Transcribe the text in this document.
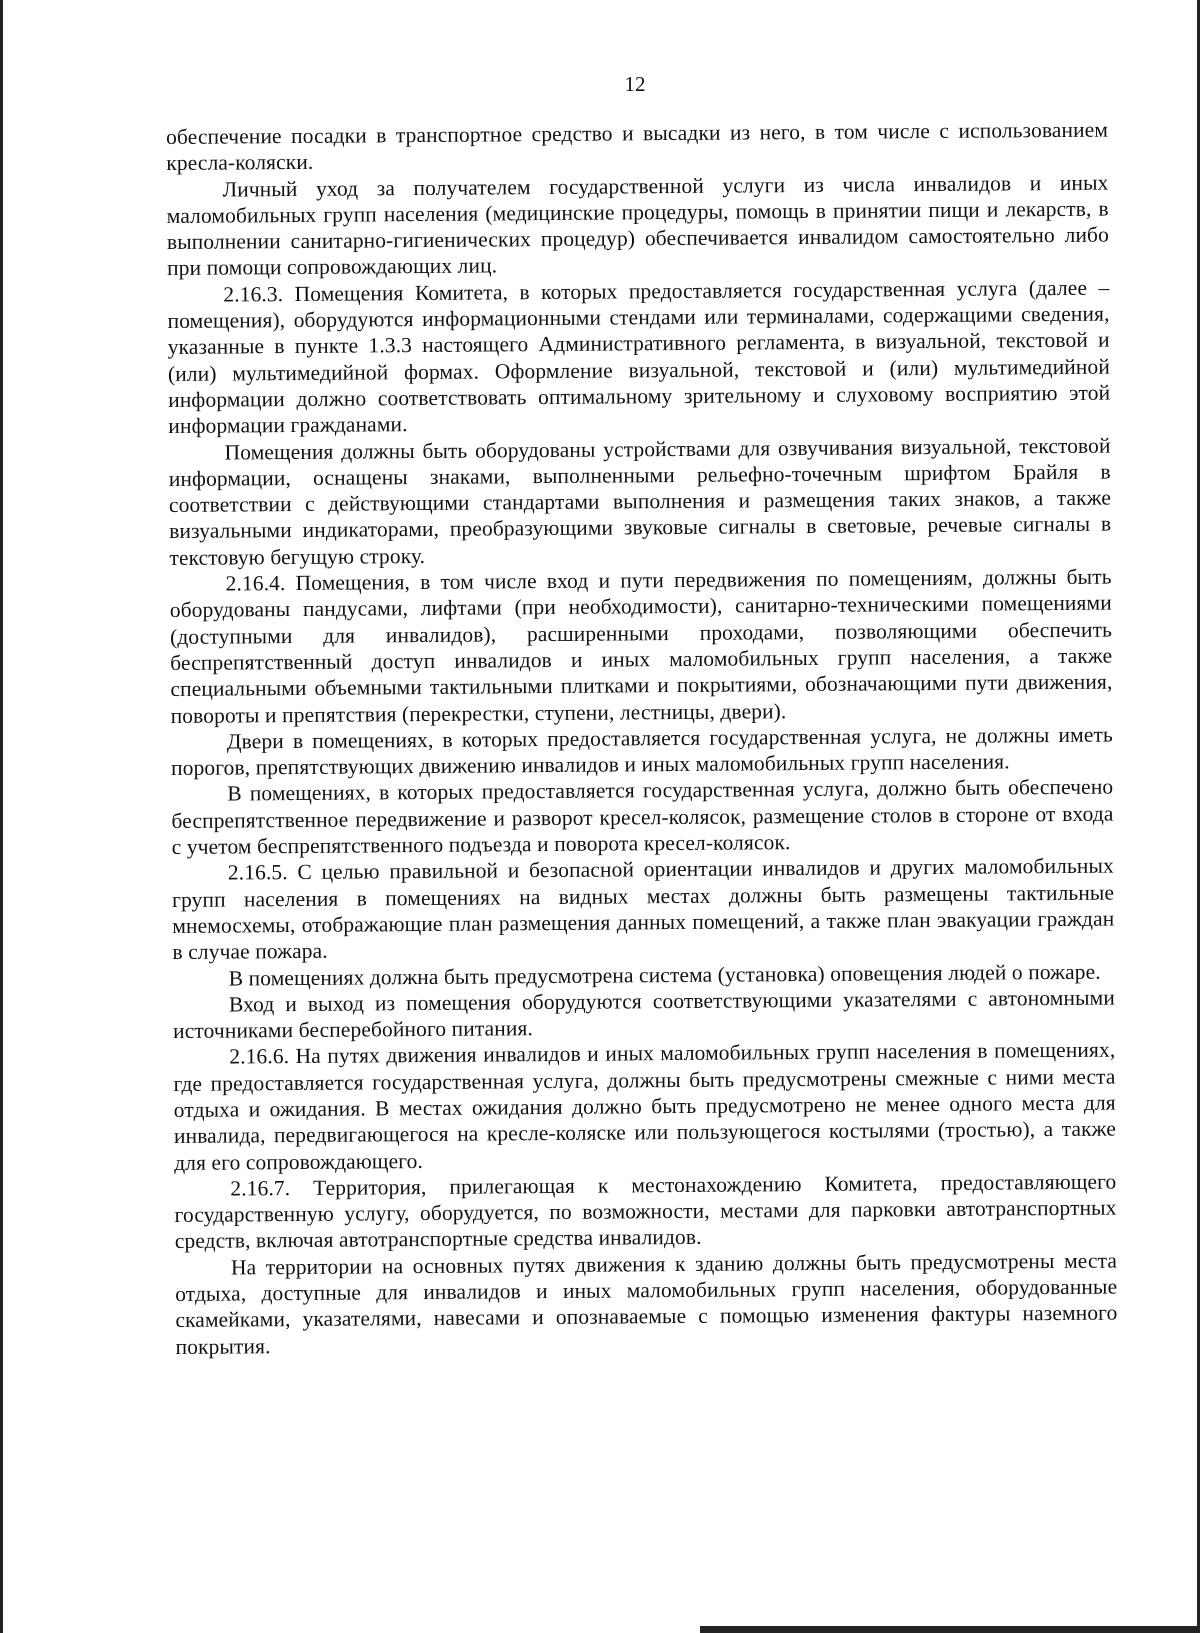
12

обеспечение посадки в транспортное средство и высадки из него, в том числе с использованием кресла-коляски.

Личный уход за получателем государственной услуги из числа инвалидов и иных маломобильных групп населения (медицинские процедуры, помощь в принятии пищи и лекарств, в выполнении санитарно-гигиенических процедур) обеспечивается инвалидом самостоятельно либо при помощи сопровождающих лиц.

2.16.3. Помещения Комитета, в которых предоставляется государственная услуга (далее – помещения), оборудуются информационными стендами или терминалами, содержащими сведения, указанные в пункте 1.3.3 настоящего Административного регламента, в визуальной, текстовой и (или) мультимедийной формах. Оформление визуальной, текстовой и (или) мультимедийной информации должно соответствовать оптимальному зрительному и слуховому восприятию этой информации гражданами.

Помещения должны быть оборудованы устройствами для озвучивания визуальной, текстовой информации, оснащены знаками, выполненными рельефно-точечным шрифтом Брайля в соответствии с действующими стандартами выполнения и размещения таких знаков, а также визуальными индикаторами, преобразующими звуковые сигналы в световые, речевые сигналы в текстовую бегущую строку.

2.16.4. Помещения, в том числе вход и пути передвижения по помещениям, должны быть оборудованы пандусами, лифтами (при необходимости), санитарно-техническими помещениями (доступными для инвалидов), расширенными проходами, позволяющими обеспечить беспрепятственный доступ инвалидов и иных маломобильных групп населения, а также специальными объемными тактильными плитками и покрытиями, обозначающими пути движения, повороты и препятствия (перекрестки, ступени, лестницы, двери).

Двери в помещениях, в которых предоставляется государственная услуга, не должны иметь порогов, препятствующих движению инвалидов и иных маломобильных групп населения.

В помещениях, в которых предоставляется государственная услуга, должно быть обеспечено беспрепятственное передвижение и разворот кресел-колясок, размещение столов в стороне от входа с учетом беспрепятственного подъезда и поворота кресел-колясок.

2.16.5. С целью правильной и безопасной ориентации инвалидов и других маломобильных групп населения в помещениях на видных местах должны быть размещены тактильные мнемосхемы, отображающие план размещения данных помещений, а также план эвакуации граждан в случае пожара.

В помещениях должна быть предусмотрена система (установка) оповещения людей о пожаре.

Вход и выход из помещения оборудуются соответствующими указателями с автономными источниками бесперебойного питания.

2.16.6. На путях движения инвалидов и иных маломобильных групп населения в помещениях, где предоставляется государственная услуга, должны быть предусмотрены смежные с ними места отдыха и ожидания. В местах ожидания должно быть предусмотрено не менее одного места для инвалида, передвигающегося на кресле-коляске или пользующегося костылями (тростью), а также для его сопровождающего.

2.16.7. Территория, прилегающая к местонахождению Комитета, предоставляющего государственную услугу, оборудуется, по возможности, местами для парковки автотранспортных средств, включая автотранспортные средства инвалидов.

На территории на основных путях движения к зданию должны быть предусмотрены места отдыха, доступные для инвалидов и иных маломобильных групп населения, оборудованные скамейками, указателями, навесами и опознаваемые с помощью изменения фактуры наземного покрытия.
